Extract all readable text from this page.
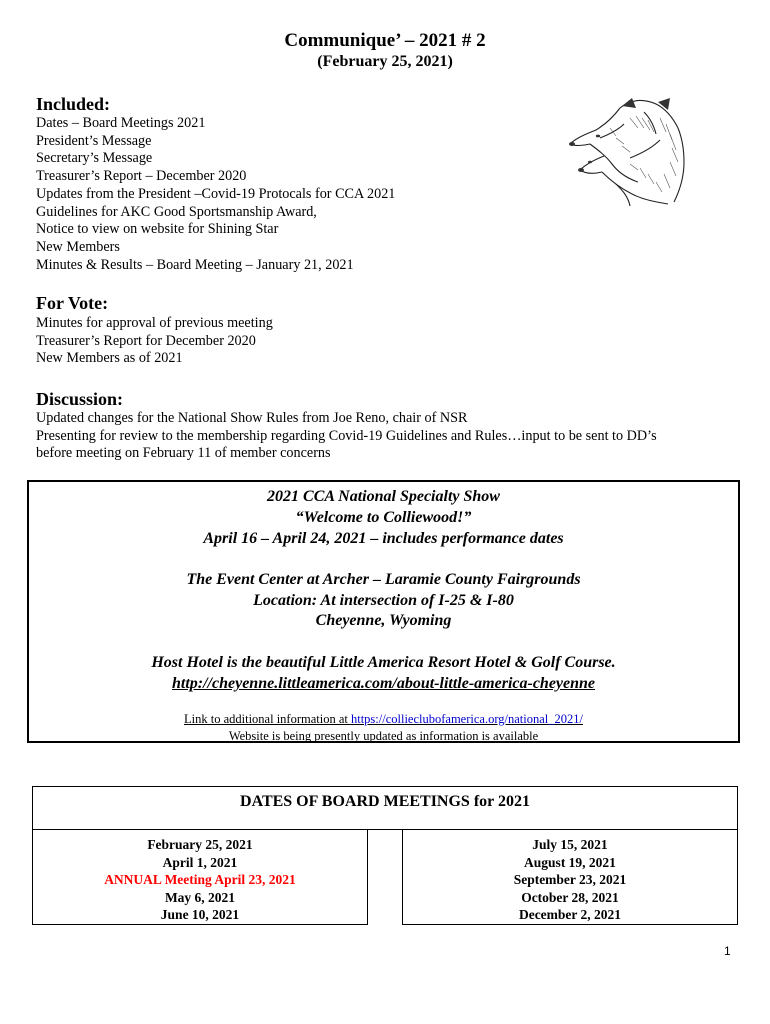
Communique’ – 2021 # 2
(February 25, 2021)
Included:
Dates – Board Meetings 2021
President’s Message
Secretary’s Message
Treasurer’s Report – December 2020
Updates from the President –Covid-19 Protocals for CCA 2021
Guidelines for AKC Good Sportsmanship Award,
Notice to view on website for Shining Star
New Members
Minutes & Results – Board Meeting – January 21, 2021
For Vote:
Minutes for approval of previous meeting
Treasurer’s Report for December 2020
New Members as of 2021
Discussion:
Updated changes for the National Show Rules from Joe Reno, chair of NSR
Presenting for review to the membership regarding Covid-19 Guidelines and Rules…input to be sent to DD’s
before meeting on February 11 of member concerns
2021 CCA National Specialty Show
“Welcome to Colliewood!”
April 16 – April 24, 2021 – includes performance dates
The Event Center at Archer – Laramie County Fairgrounds
Location: At intersection of I-25 & I-80
Cheyenne, Wyoming
Host Hotel is the beautiful Little America Resort Hotel & Golf Course.
http://cheyenne.littleamerica.com/about-little-america-cheyenne
Link to additional information at https://collieclubofamerica.org/national_2021/
Website is being presently updated as information is available
DATES OF BOARD MEETINGS for 2021
February 25, 2021
April 1, 2021
ANNUAL Meeting April 23, 2021
May 6, 2021
June 10, 2021
July 15, 2021
August 19, 2021
September 23, 2021
October 28, 2021
December 2, 2021
1
